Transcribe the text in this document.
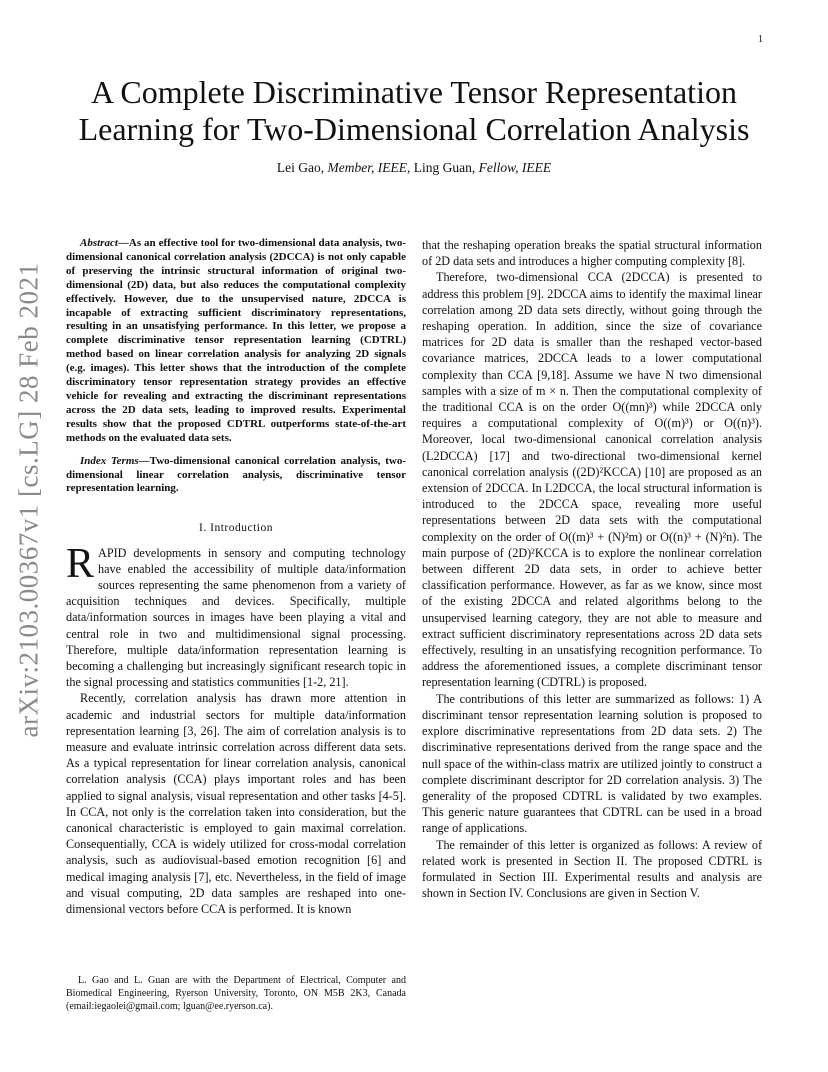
1
A Complete Discriminative Tensor Representation Learning for Two-Dimensional Correlation Analysis
Lei Gao, Member, IEEE, Ling Guan, Fellow, IEEE
arXiv:2103.00367v1 [cs.LG] 28 Feb 2021

Abstract—As an effective tool for two-dimensional data analysis, two-dimensional canonical correlation analysis (2DCCA) is not only capable of preserving the intrinsic structural information of original two-dimensional (2D) data, but also reduces the computational complexity effectively. However, due to the unsupervised nature, 2DCCA is incapable of extracting sufficient discriminatory representations, resulting in an unsatisfying performance. In this letter, we propose a complete discriminative tensor representation learning (CDTRL) method based on linear correlation analysis for analyzing 2D signals (e.g. images). This letter shows that the introduction of the complete discriminatory tensor representation strategy provides an effective vehicle for revealing and extracting the discriminant representations across the 2D data sets, leading to improved results. Experimental results show that the proposed CDTRL outperforms state-of-the-art methods on the evaluated data sets.

Index Terms—Two-dimensional canonical correlation analysis, two-dimensional linear correlation analysis, discriminative tensor representation learning.

I. Introduction

RAPID developments in sensory and computing technology have enabled the accessibility of multiple data/information sources representing the same phenomenon from a variety of acquisition techniques and devices. Specifically, multiple data/information sources in images have been playing a vital and central role in two and multidimensional signal processing. Therefore, multiple data/information representation learning is becoming a challenging but increasingly significant research topic in the signal processing and statistics communities [1-2, 21].

Recently, correlation analysis has drawn more attention in academic and industrial sectors for multiple data/information representation learning [3, 26]. The aim of correlation analysis is to measure and evaluate intrinsic correlation across different data sets. As a typical representation for linear correlation analysis, canonical correlation analysis (CCA) plays important roles and has been applied to signal analysis, visual representation and other tasks [4-5]. In CCA, not only is the correlation taken into consideration, but the canonical characteristic is employed to gain maximal correlation. Consequentially, CCA is widely utilized for cross-modal correlation analysis, such as audiovisual-based emotion recognition [6] and medical imaging analysis [7], etc. Nevertheless, in the field of image and visual computing, 2D data samples are reshaped into one-dimensional vectors before CCA is performed. It is known

L. Gao and L. Guan are with the Department of Electrical, Computer and Biomedical Engineering, Ryerson University, Toronto, ON M5B 2K3, Canada (email:iegaolei@gmail.com; lguan@ee.ryerson.ca).

that the reshaping operation breaks the spatial structural information of 2D data sets and introduces a higher computing complexity [8].

Therefore, two-dimensional CCA (2DCCA) is presented to address this problem [9]. 2DCCA aims to identify the maximal linear correlation among 2D data sets directly, without going through the reshaping operation. In addition, since the size of covariance matrices for 2D data is smaller than the reshaped vector-based covariance matrices, 2DCCA leads to a lower computational complexity than CCA [9,18]. Assume we have N two dimensional samples with a size of m × n. Then the computational complexity of the traditional CCA is on the order O((mn)³) while 2DCCA only requires a computational complexity of O((m)³) or O((n)³). Moreover, local two-dimensional canonical correlation analysis (L2DCCA) [17] and two-directional two-dimensional kernel canonical correlation analysis ((2D)²KCCA) [10] are proposed as an extension of 2DCCA. In L2DCCA, the local structural information is introduced to the 2DCCA space, revealing more useful representations between 2D data sets with the computational complexity on the order of O((m)³ + (N)²m) or O((n)³ + (N)²n). The main purpose of (2D)²KCCA is to explore the nonlinear correlation between different 2D data sets, in order to achieve better classification performance. However, as far as we know, since most of the existing 2DCCA and related algorithms belong to the unsupervised learning category, they are not able to measure and extract sufficient discriminatory representations across 2D data sets effectively, resulting in an unsatisfying recognition performance. To address the aforementioned issues, a complete discriminant tensor representation learning (CDTRL) is proposed.

The contributions of this letter are summarized as follows: 1) A discriminant tensor representation learning solution is proposed to explore discriminative representations from 2D data sets. 2) The discriminative representations derived from the range space and the null space of the within-class matrix are utilized jointly to construct a complete discriminant descriptor for 2D correlation analysis. 3) The generality of the proposed CDTRL is validated by two examples. This generic nature guarantees that CDTRL can be used in a broad range of applications.

The remainder of this letter is organized as follows: A review of related work is presented in Section II. The proposed CDTRL is formulated in Section III. Experimental results and analysis are shown in Section IV. Conclusions are given in Section V.
